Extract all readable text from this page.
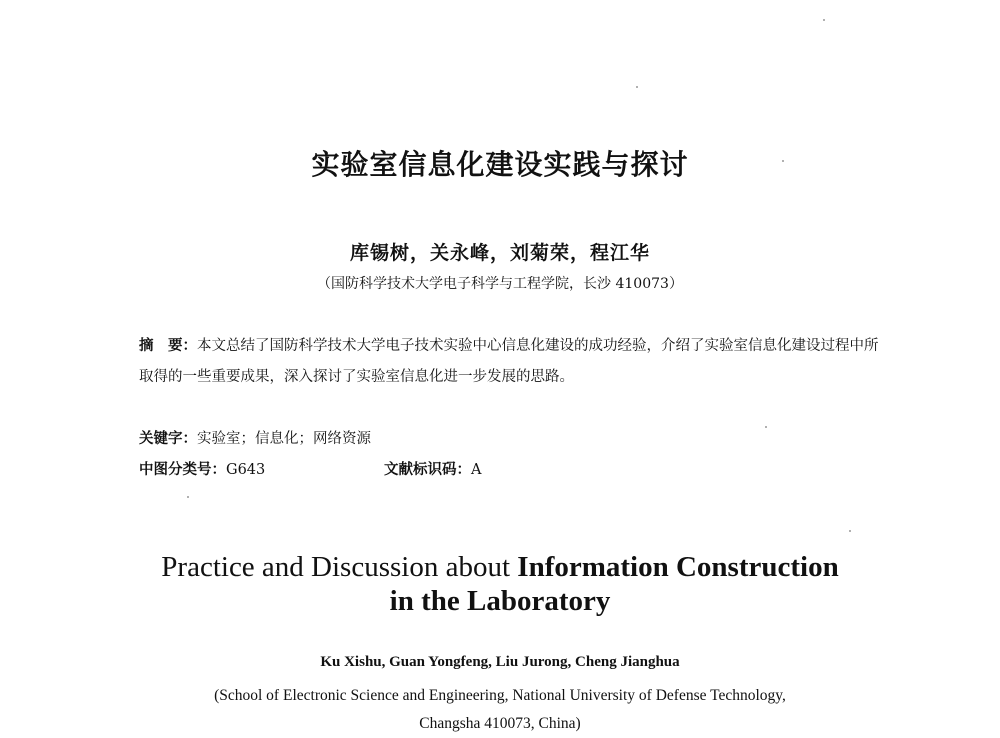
实验室信息化建设实践与探讨
库锡树，关永峰，刘菊荣，程江华
（国防科学技术大学电子科学与工程学院，长沙 410073）
摘　要：本文总结了国防科学技术大学电子技术实验中心信息化建设的成功经验，介绍了实验室信息化建设过程中所取得的一些重要成果，深入探讨了实验室信息化进一步发展的思路。
关键字：实验室；信息化；网络资源
中图分类号：G643	文献标识码：A
Practice and Discussion about Information Construction
in the Laboratory
Ku Xishu, Guan Yongfeng, Liu Jurong, Cheng Jianghua
(School of Electronic Science and Engineering, National University of Defense Technology,
Changsha 410073, China)
